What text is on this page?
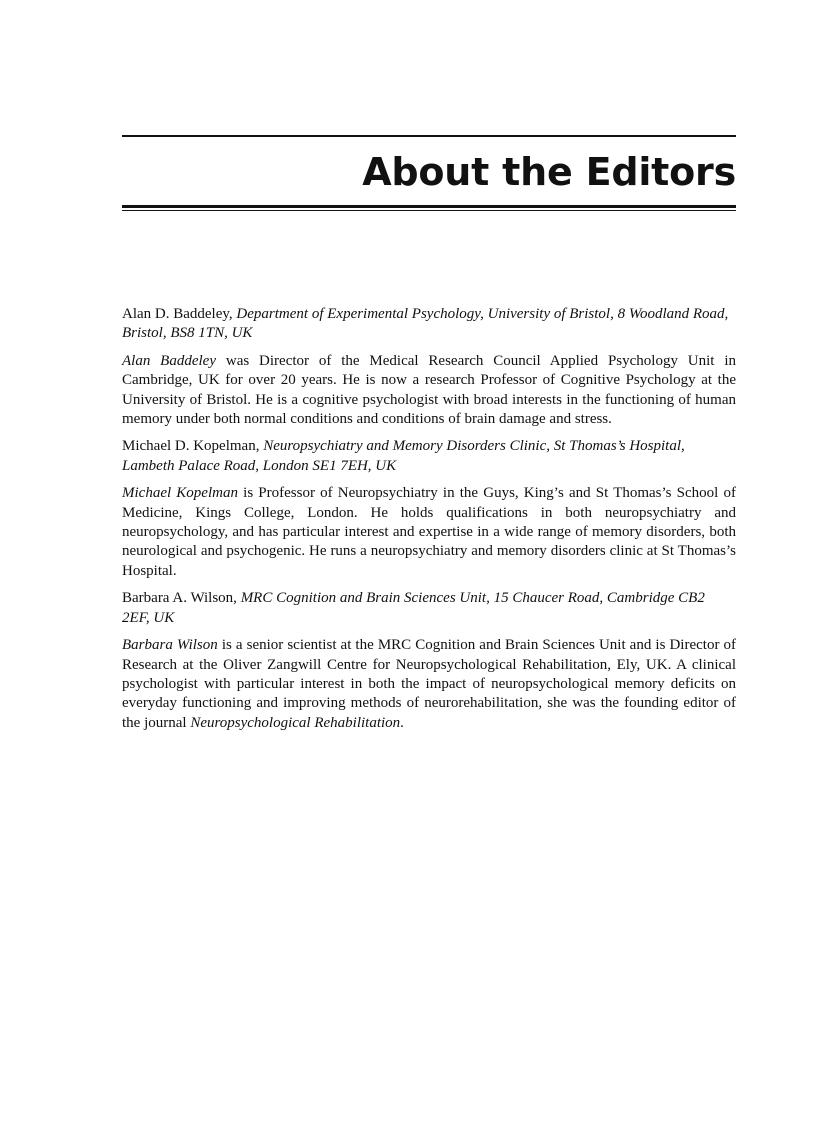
About the Editors

Alan D. Baddeley, Department of Experimental Psychology, University of Bristol, 8 Woodland Road, Bristol, BS8 1TN, UK

Alan Baddeley was Director of the Medical Research Council Applied Psychology Unit in Cambridge, UK for over 20 years. He is now a research Professor of Cognitive Psychology at the University of Bristol. He is a cognitive psychologist with broad interests in the functioning of human memory under both normal conditions and conditions of brain damage and stress.

Michael D. Kopelman, Neuropsychiatry and Memory Disorders Clinic, St Thomas’s Hospital, Lambeth Palace Road, London SE1 7EH, UK

Michael Kopelman is Professor of Neuropsychiatry in the Guys, King’s and St Thomas’s School of Medicine, Kings College, London. He holds qualifications in both neuropsychiatry and neuropsychology, and has particular interest and expertise in a wide range of memory disorders, both neurological and psychogenic. He runs a neuropsychiatry and memory disorders clinic at St Thomas’s Hospital.

Barbara A. Wilson, MRC Cognition and Brain Sciences Unit, 15 Chaucer Road, Cambridge CB2 2EF, UK

Barbara Wilson is a senior scientist at the MRC Cognition and Brain Sciences Unit and is Director of Research at the Oliver Zangwill Centre for Neuropsychological Rehabilitation, Ely, UK. A clinical psychologist with particular interest in both the impact of neuropsychological memory deficits on everyday functioning and improving methods of neurorehabilitation, she was the founding editor of the journal Neuropsychological Rehabilitation.
